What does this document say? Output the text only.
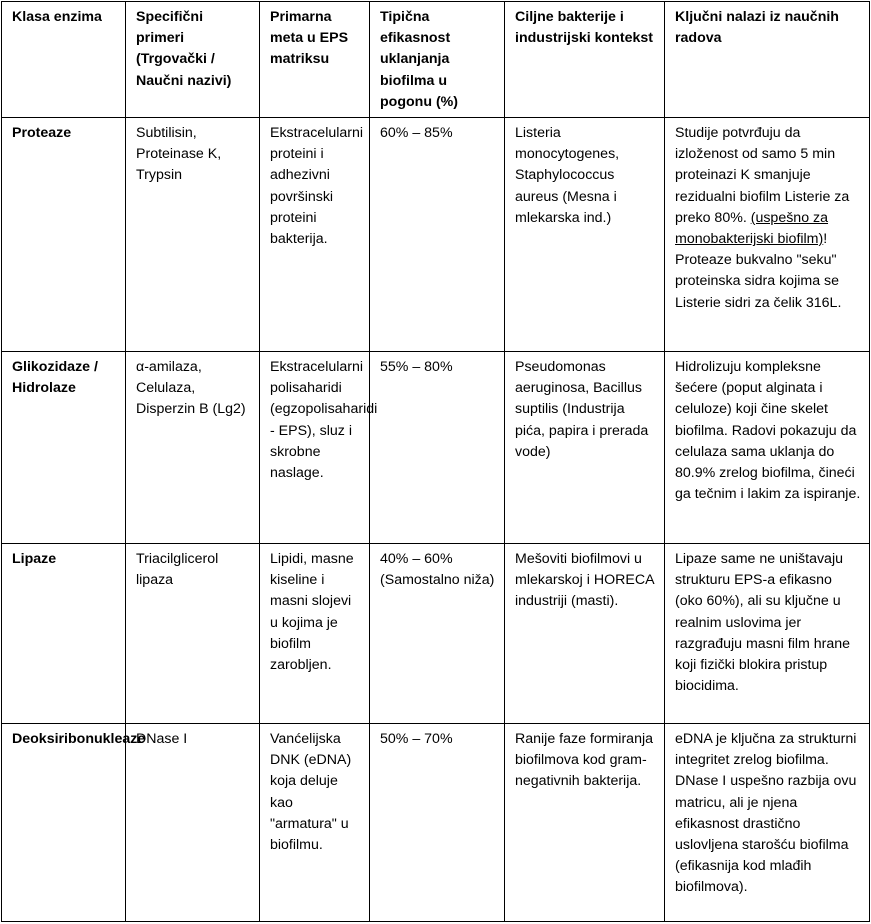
Klasa enzima	Specifični primeri (Trgovački / Naučni nazivi)	Primarna meta u EPS matriksu	Tipična efikasnost uklanjanja biofilma u pogonu (%)	Ciljne bakterije i industrijski kontekst	Ključni nalazi iz naučnih radova
Proteaze	Subtilisin, Proteinase K, Trypsin	Ekstracelularni proteini i adhezivni površinski proteini bakterija.	60% – 85%	Listeria monocytogenes, Staphylococcus aureus (Mesna i mlekarska ind.)	Studije potvrđuju da izloženost od samo 5 min proteinazi K smanjuje rezidualni biofilm Listerie za preko 80%. (uspešno za monobakterijski biofilm)! Proteaze bukvalno "seku" proteinska sidra kojima se Listerie sidri za čelik 316L.
Glikozidaze / Hidrolaze	α-amilaza, Celulaza, Disperzin B (Lg2)	Ekstracelularni polisaharidi (egzopolisaharidi - EPS), sluz i skrobne naslage.	55% – 80%	Pseudomonas aeruginosa, Bacillus suptilis (Industrija pića, papira i prerada vode)	Hidrolizuju kompleksne šećere (poput alginata i celuloze) koji čine skelet biofilma. Radovi pokazuju da celulaza sama uklanja do 80.9% zrelog biofilma, čineći ga tečnim i lakim za ispiranje.
Lipaze	Triacilglicerol lipaza	Lipidi, masne kiseline i masni slojevi u kojima je biofilm zarobljen.	40% – 60% (Samostalno niža)	Mešoviti biofilmovi u mlekarskoj i HORECA industriji (masti).	Lipaze same ne uništavaju strukturu EPS-a efikasno (oko 60%), ali su ključne u realnim uslovima jer razgrađuju masni film hrane koji fizički blokira pristup biocidima.
Deoksiribonukleaze	DNase I	Vanćelijska DNK (eDNA) koja deluje kao "armatura" u biofilmu.	50% – 70%	Ranije faze formiranja biofilmova kod gram-negativnih bakterija.	eDNA je ključna za strukturni integritet zrelog biofilma. DNase I uspešno razbija ovu matricu, ali je njena efikasnost drastično uslovljena starošću biofilma (efikasnija kod mlađih biofilmova).
